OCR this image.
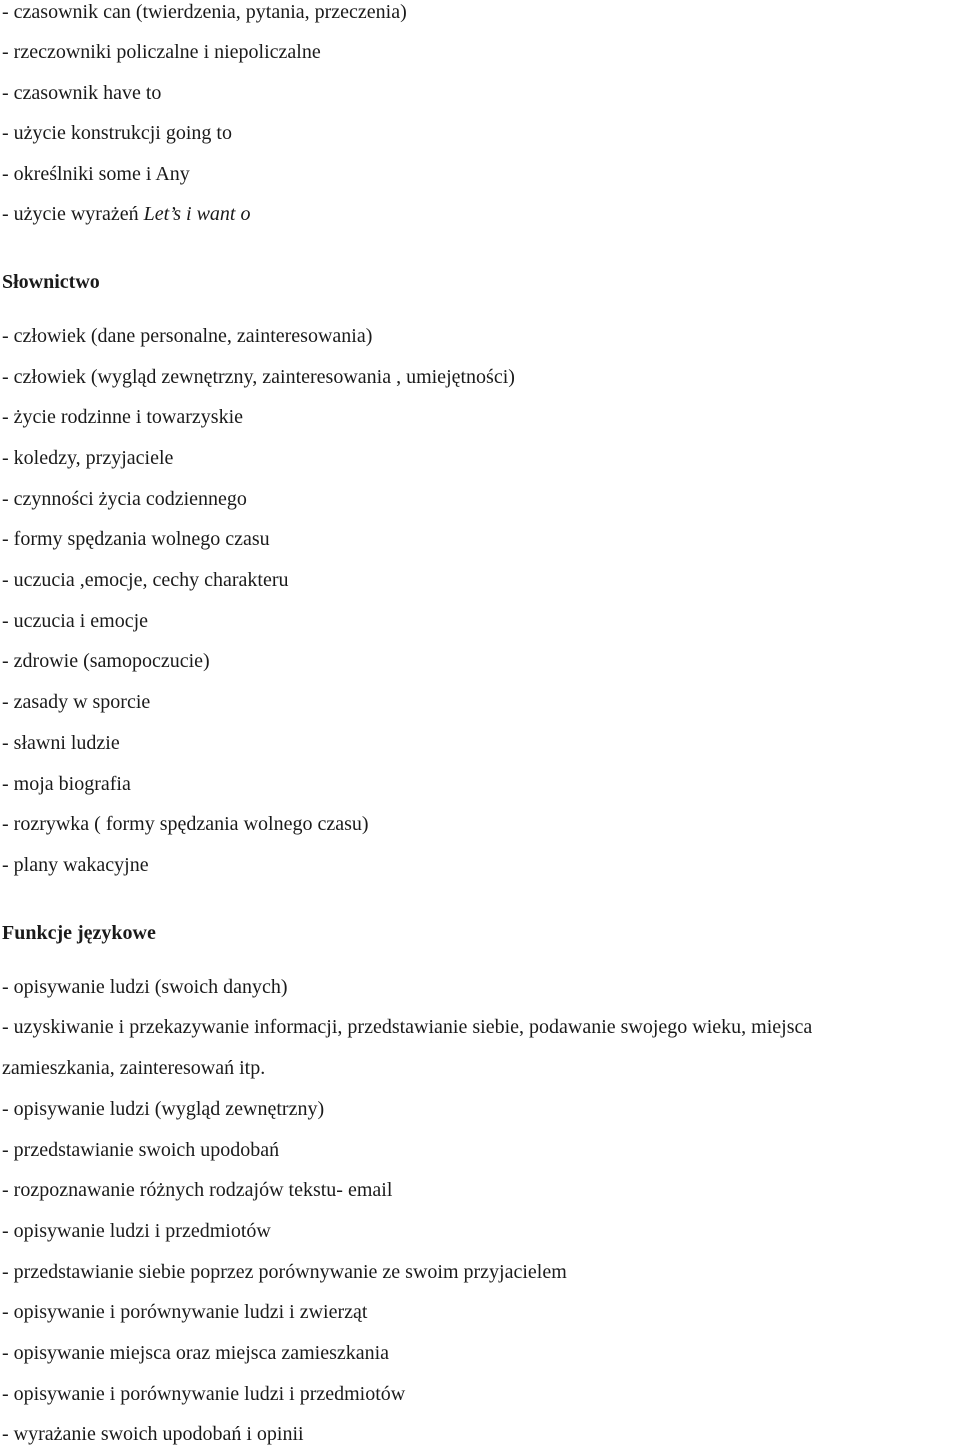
- czasownik can (twierdzenia, pytania, przeczenia)
- rzeczowniki policzalne i niepoliczalne
- czasownik have to
- użycie konstrukcji going to
- określniki some i Any
- użycie wyrażeń Let’s i want o
Słownictwo
- człowiek (dane personalne, zainteresowania)
- człowiek (wygląd zewnętrzny, zainteresowania , umiejętności)
- życie rodzinne i towarzyskie
- koledzy, przyjaciele
- czynności życia codziennego
- formy spędzania wolnego czasu
- uczucia ,emocje, cechy charakteru
- uczucia i emocje
- zdrowie (samopoczucie)
- zasady w sporcie
- sławni ludzie
- moja biografia
- rozrywka ( formy spędzania wolnego czasu)
- plany wakacyjne
Funkcje językowe
- opisywanie ludzi (swoich danych)
- uzyskiwanie i przekazywanie informacji, przedstawianie siebie, podawanie swojego wieku, miejsca
zamieszkania, zainteresowań itp.
- opisywanie ludzi (wygląd zewnętrzny)
- przedstawianie swoich upodobań
- rozpoznawanie różnych rodzajów tekstu- email
- opisywanie ludzi i przedmiotów
- przedstawianie siebie poprzez porównywanie ze swoim przyjacielem
- opisywanie i porównywanie ludzi i zwierząt
- opisywanie miejsca oraz miejsca zamieszkania
- opisywanie i porównywanie ludzi i przedmiotów
- wyrażanie swoich upodobań i opinii
